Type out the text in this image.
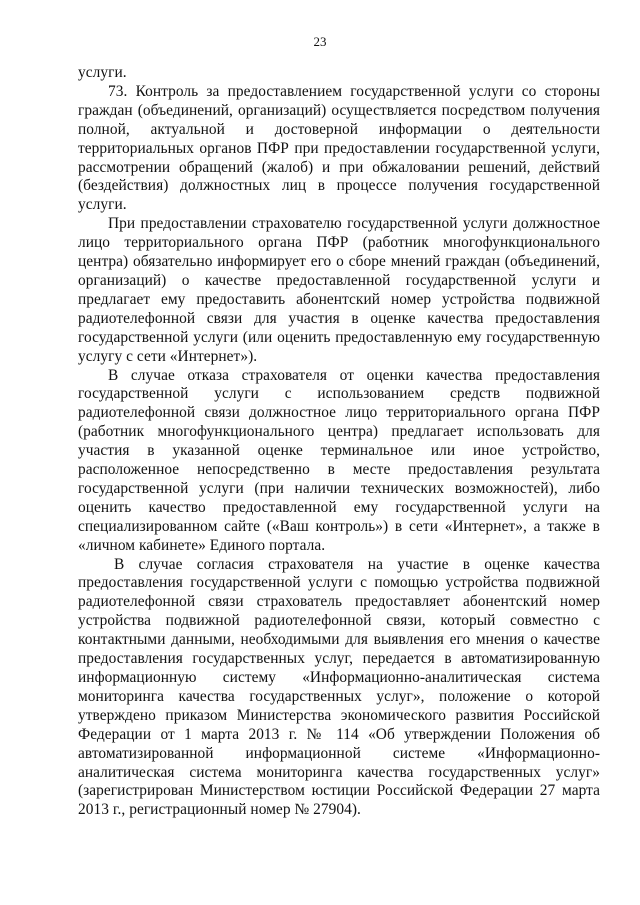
23

услуги.

73. Контроль за предоставлением государственной услуги со стороны граждан (объединений, организаций) осуществляется посредством получения полной, актуальной и достоверной информации о деятельности территориальных органов ПФР при предоставлении государственной услуги, рассмотрении обращений (жалоб) и при обжаловании решений, действий (бездействия) должностных лиц в процессе получения государственной услуги.

При предоставлении страхователю государственной услуги должностное лицо территориального органа ПФР (работник многофункционального центра) обязательно информирует его о сборе мнений граждан (объединений, организаций) о качестве предоставленной государственной услуги и предлагает ему предоставить абонентский номер устройства подвижной радиотелефонной связи для участия в оценке качества предоставления государственной услуги (или оценить предоставленную ему государственную услугу с сети «Интернет»).

В случае отказа страхователя от оценки качества предоставления государственной услуги с использованием средств подвижной радиотелефонной связи должностное лицо территориального органа ПФР (работник многофункционального центра) предлагает использовать для участия в указанной оценке терминальное или иное устройство, расположенное непосредственно в месте предоставления результата государственной услуги (при наличии технических возможностей), либо оценить качество предоставленной ему государственной услуги на специализированном сайте («Ваш контроль») в сети «Интернет», а также в «личном кабинете» Единого портала.

В случае согласия страхователя на участие в оценке качества предоставления государственной услуги с помощью устройства подвижной радиотелефонной связи страхователь предоставляет абонентский номер устройства подвижной радиотелефонной связи, который совместно с контактными данными, необходимыми для выявления его мнения о качестве предоставления государственных услуг, передается в автоматизированную информационную систему «Информационно-аналитическая система мониторинга качества государственных услуг», положение о которой утверждено приказом Министерства экономического развития Российской Федерации от 1 марта 2013 г. № 114 «Об утверждении Положения об автоматизированной информационной системе «Информационно-аналитическая система мониторинга качества государственных услуг» (зарегистрирован Министерством юстиции Российской Федерации 27 марта 2013 г., регистрационный номер № 27904).
